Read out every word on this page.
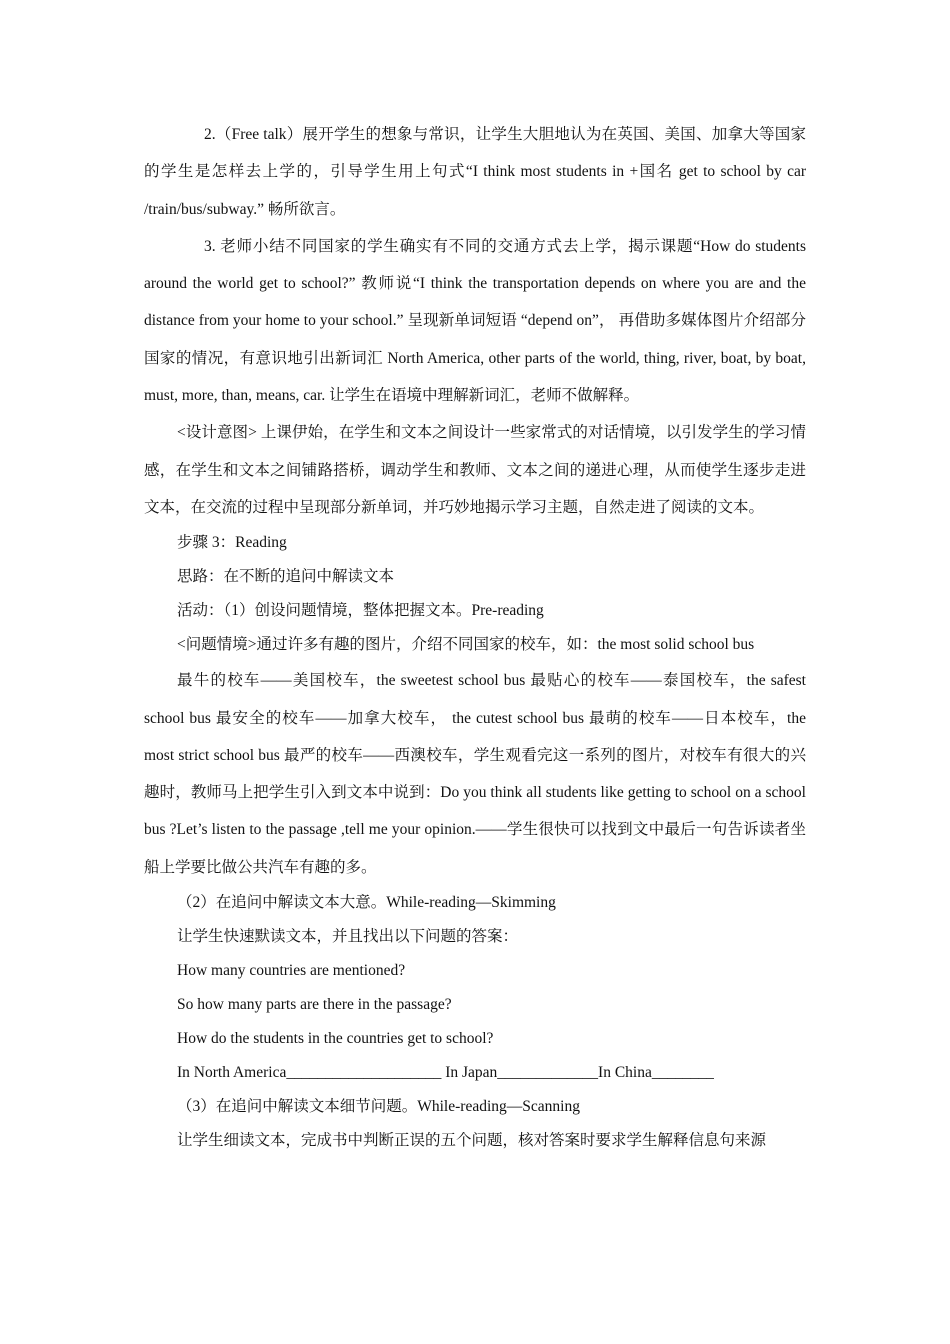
2.（Free talk）展开学生的想象与常识，让学生大胆地认为在英国、美国、加拿大等国家的学生是怎样去上学的，引导学生用上句式“I think most students in +国名 get to school by car /train/bus/subway.” 畅所欲言。

3. 老师小结不同国家的学生确实有不同的交通方式去上学，揭示课题“How do students around the world get to school?” 教师说“I think the transportation depends on where you are and the distance from your home to your school.” 呈现新单词短语 “depend on”， 再借助多媒体图片介绍部分国家的情况，有意识地引出新词汇 North America, other parts of the world, thing, river, boat, by boat, must, more, than, means, car. 让学生在语境中理解新词汇，老师不做解释。

<设计意图> 上课伊始，在学生和文本之间设计一些家常式的对话情境，以引发学生的学习情感，在学生和文本之间铺路搭桥，调动学生和教师、文本之间的递进心理，从而使学生逐步走进文本，在交流的过程中呈现部分新单词，并巧妙地揭示学习主题，自然走进了阅读的文本。

步骤 3：Reading

思路：在不断的追问中解读文本

活动：（1）创设问题情境，整体把握文本。Pre-reading

<问题情境>通过许多有趣的图片，介绍不同国家的校车，如：the most solid school bus

最牛的校车——美国校车，the sweetest school bus 最贴心的校车——泰国校车，the safest school bus 最安全的校车——加拿大校车， the cutest school bus 最萌的校车——日本校车，the most strict school bus 最严的校车——西澳校车，学生观看完这一系列的图片，对校车有很大的兴趣时，教师马上把学生引入到文本中说到：Do you think all students like getting to school on a school bus ?Let’s listen to the passage ,tell me your opinion.——学生很快可以找到文中最后一句告诉读者坐船上学要比做公共汽车有趣的多。

（2）在追问中解读文本大意。While-reading—Skimming

让学生快速默读文本，并且找出以下问题的答案：

How many countries are mentioned?

So how many parts are there in the passage?

How do the students in the countries get to school?

In North America____________________ In Japan_____________In China________

（3）在追问中解读文本细节问题。While-reading—Scanning

让学生细读文本，完成书中判断正误的五个问题，核对答案时要求学生解释信息句来源
